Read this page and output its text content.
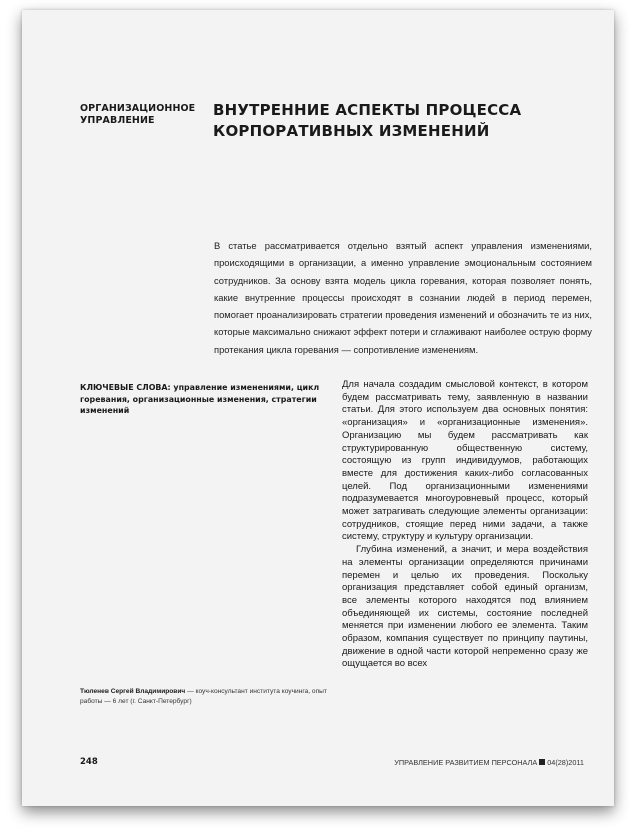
ОРГАНИЗАЦИОННОЕ
УПРАВЛЕНИЕ
ВНУТРЕННИЕ АСПЕКТЫ ПРОЦЕССА
КОРПОРАТИВНЫХ ИЗМЕНЕНИЙ
В статье рассматривается отдельно взятый аспект управления изменениями, происходящими в организации, а именно управление эмоциональным состоянием сотрудников. За основу взята модель цикла горевания, которая позволяет понять, какие внутренние процессы происходят в сознании людей в период перемен, помогает проанализировать стратегии проведения изменений и обозначить те из них, которые максимально снижают эффект потери и сглаживают наиболее острую форму протекания цикла горевания — сопротивление изменениям.
КЛЮЧЕВЫЕ СЛОВА: управление изменениями, цикл горевания, организационные изменения, стратегии изменений

Для начала создадим смысловой контекст, в котором будем рассматривать тему, заявленную в названии статьи. Для этого используем два основных понятия: «организация» и «организационные изменения». Организацию мы будем рассматривать как структурированную общественную систему, состоящую из групп индивидуумов, работающих вместе для достижения каких-либо согласованных целей. Под организационными изменениями подразумевается многоуровневый процесс, который может затрагивать следующие элементы организации: сотрудников, стоящие перед ними задачи, а также систему, структуру и культуру организации.

Глубина изменений, а значит, и мера воздействия на элементы организации определяются причинами перемен и целью их проведения. Поскольку организация представляет собой единый организм, все элементы которого находятся под влиянием объединяющей их системы, состояние последней меняется при изменении любого ее элемента. Таким образом, компания существует по принципу паутины, движение в одной части которой непременно сразу же ощущается во всех

Тюленев Сергей Владимирович — коуч-консультант института коучинга, опыт работы — 6 лет (г. Санкт-Петербург)
248	УПРАВЛЕНИЕ РАЗВИТИЕМ ПЕРСОНАЛА 04(28)2011
